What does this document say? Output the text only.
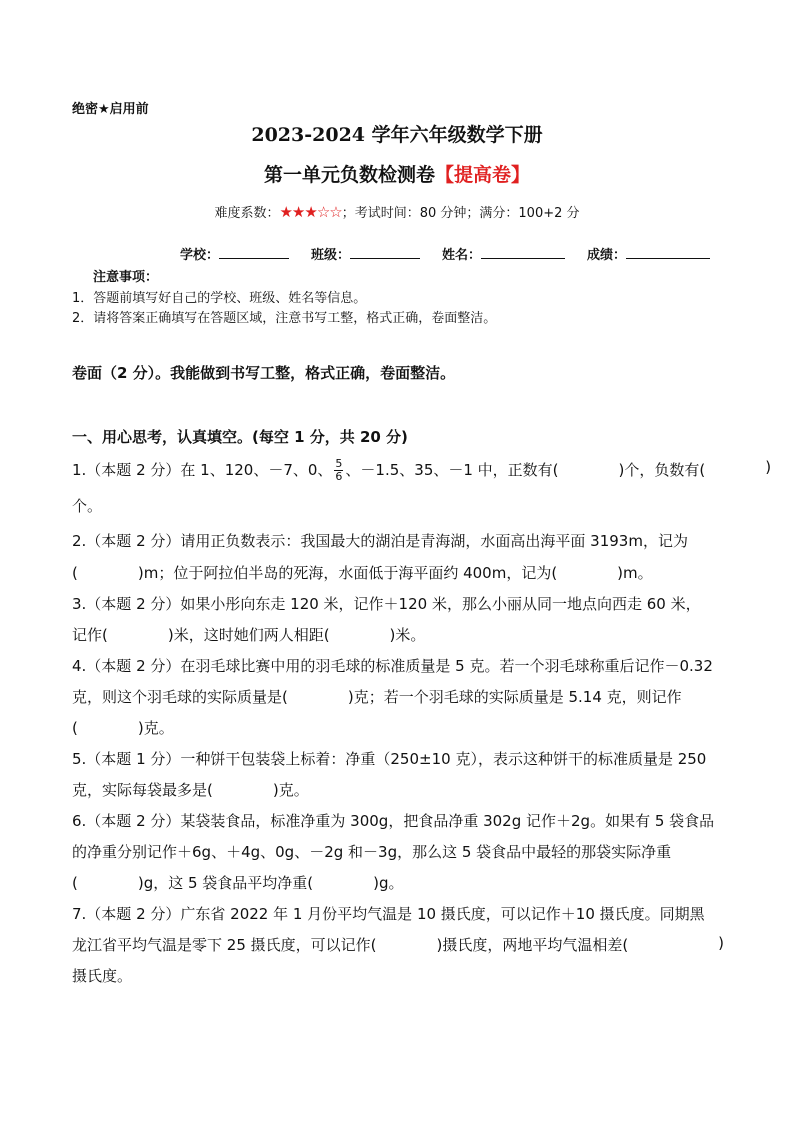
绝密★启用前
2023-2024 学年六年级数学下册
第一单元负数检测卷【提高卷】
难度系数：★★★☆☆；考试时间：80 分钟；满分：100+2 分
学校：	班级：	姓名：	成绩：
注意事项：
1．答题前填写好自己的学校、班级、姓名等信息。
2．请将答案正确填写在答题区域，注意书写工整，格式正确，卷面整洁。
卷面（2 分）。我能做到书写工整，格式正确，卷面整洁。
一、用心思考，认真填空。(每空 1 分，共 20 分)
1.（本题 2 分）在 1、120、－7、0、 $\frac{5}{6}$ 、－1.5、35、－1 中，正数有(　　　　)个，负数有(　　　　 )
个。
2.（本题 2 分）请用正负数表示：我国最大的湖泊是青海湖，水面高出海平面 3193m，记为
(　　　　)m；位于阿拉伯半岛的死海，水面低于海平面约 400m，记为(　　　　)m。
3.（本题 2 分）如果小彤向东走 120 米，记作＋120 米，那么小丽从同一地点向西走 60 米，
记作(　　　　)米，这时她们两人相距(　　　　)米。
4.（本题 2 分）在羽毛球比赛中用的羽毛球的标准质量是 5 克。若一个羽毛球称重后记作－0.32
克，则这个羽毛球的实际质量是(　　　　)克；若一个羽毛球的实际质量是 5.14 克，则记作
(　　　　)克。
5.（本题 1 分）一种饼干包装袋上标着：净重（250±10 克），表示这种饼干的标准质量是 250
克，实际每袋最多是(　　　　)克。
6.（本题 2 分）某袋装食品，标准净重为 300g，把食品净重 302g 记作＋2g。如果有 5 袋食品
的净重分别记作＋6g、＋4g、0g、－2g 和－3g，那么这 5 袋食品中最轻的那袋实际净重
(　　　　)g，这 5 袋食品平均净重(　　　　)g。
7.（本题 2 分）广东省 2022 年 1 月份平均气温是 10 摄氏度，可以记作＋10 摄氏度。同期黑
龙江省平均气温是零下 25 摄氏度，可以记作(　　　　)摄氏度，两地平均气温相差(　　　　 )
摄氏度。
